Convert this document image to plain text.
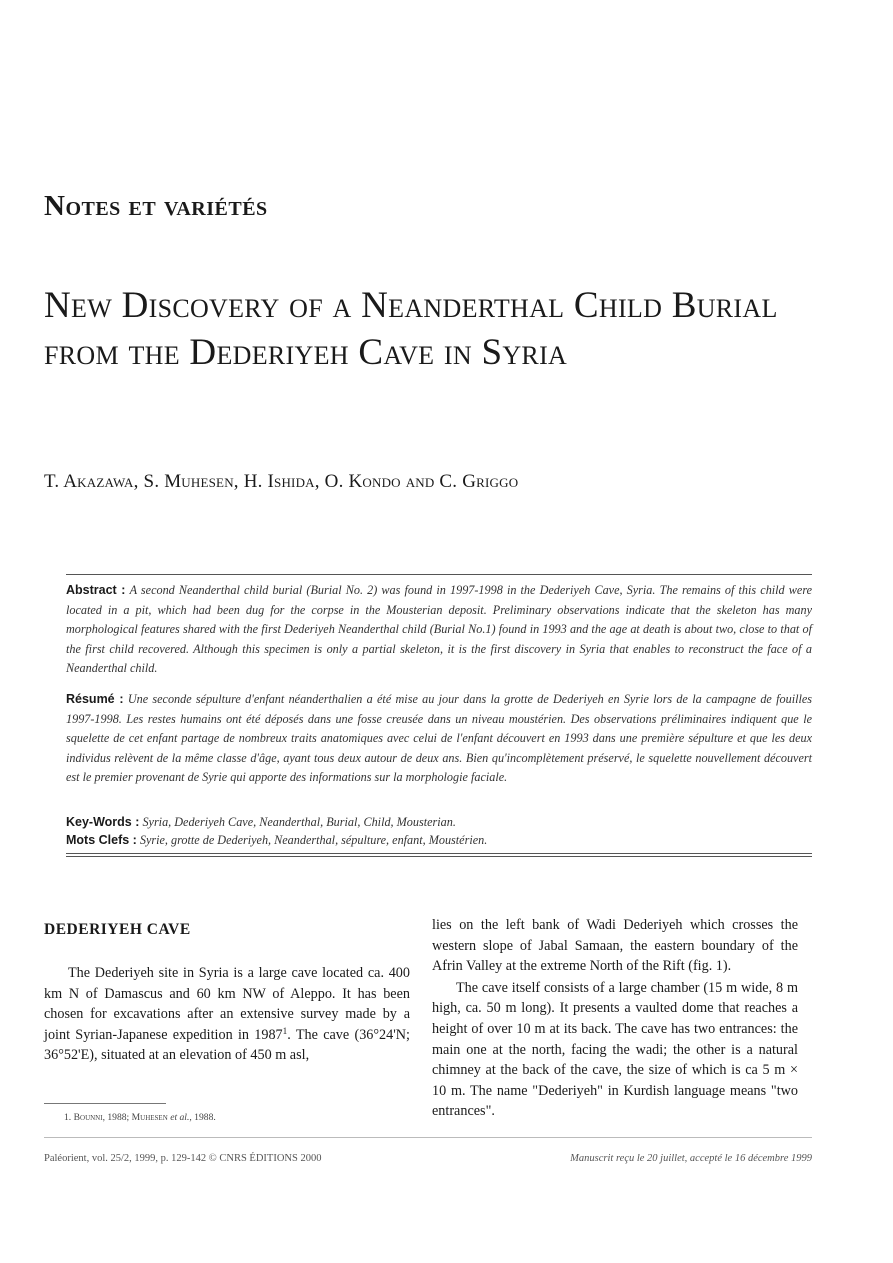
Notes et variétés
New Discovery of a Neanderthal Child Burial from the Dederiyeh Cave in Syria

T. Akazawa, S. Muhesen, H. Ishida, O. Kondo and C. Griggo

Abstract : A second Neanderthal child burial (Burial No. 2) was found in 1997-1998 in the Dederiyeh Cave, Syria. The remains of this child were located in a pit, which had been dug for the corpse in the Mousterian deposit. Preliminary observations indicate that the skeleton has many morphological features shared with the first Dederiyeh Neanderthal child (Burial No.1) found in 1993 and the age at death is about two, close to that of the first child recovered. Although this specimen is only a partial skeleton, it is the first discovery in Syria that enables to reconstruct the face of a Neanderthal child.

Résumé : Une seconde sépulture d'enfant néanderthalien a été mise au jour dans la grotte de Dederiyeh en Syrie lors de la campagne de fouilles 1997-1998. Les restes humains ont été déposés dans une fosse creusée dans un niveau moustérien. Des observations préliminaires indiquent que le squelette de cet enfant partage de nombreux traits anatomiques avec celui de l'enfant découvert en 1993 dans une première sépulture et que les deux individus relèvent de la même classe d'âge, ayant tous deux autour de deux ans. Bien qu'incomplètement préservé, le squelette nouvellement découvert est le premier provenant de Syrie qui apporte des informations sur la morphologie faciale.

Key-Words : Syria, Dederiyeh Cave, Neanderthal, Burial, Child, Mousterian.

Mots Clefs : Syrie, grotte de Dederiyeh, Neanderthal, sépulture, enfant, Moustérien.

DEDERIYEH CAVE

The Dederiyeh site in Syria is a large cave located ca. 400 km N of Damascus and 60 km NW of Aleppo. It has been chosen for excavations after an extensive survey made by a joint Syrian-Japanese expedition in 1987$^1$. The cave (36°24'N; 36°52'E), situated at an elevation of 450 m asl,

1. Bounni, 1988; Muhesen et al., 1988.

lies on the left bank of Wadi Dederiyeh which crosses the western slope of Jabal Samaan, the eastern boundary of the Afrin Valley at the extreme North of the Rift (fig. 1).

The cave itself consists of a large chamber (15 m wide, 8 m high, ca. 50 m long). It presents a vaulted dome that reaches a height of over 10 m at its back. The cave has two entrances: the main one at the north, facing the wadi; the other is a natural chimney at the back of the cave, the size of which is ca 5 m × 10 m. The name "Dederiyeh" in Kurdish language means "two entrances".

Paléorient, vol. 25/2, 1999, p. 129-142 © CNRS ÉDITIONS 2000	Manuscrit reçu le 20 juillet, accepté le 16 décembre 1999
